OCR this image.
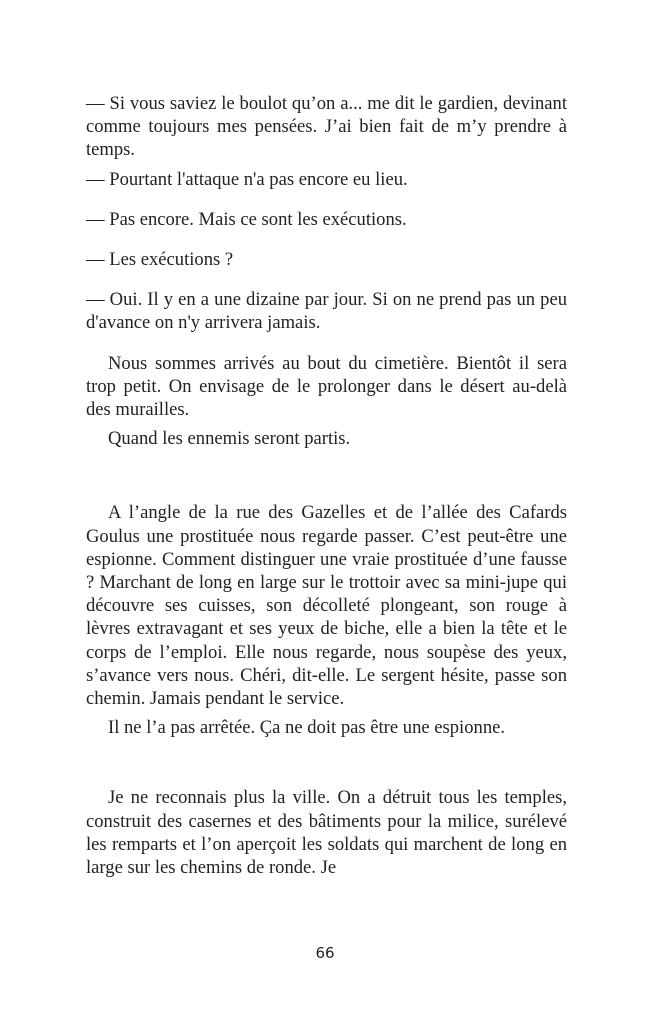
— Si vous saviez le boulot qu’on a... me dit le gardien, devinant comme toujours mes pensées. J’ai bien fait de m’y prendre à temps.

— Pourtant l'attaque n'a pas encore eu lieu.

— Pas encore. Mais ce sont les exécutions.

— Les exécutions ?

— Oui. Il y en a une dizaine par jour. Si on ne prend pas un peu d'avance on n'y arrivera jamais.

Nous sommes arrivés au bout du cimetière. Bientôt il sera trop petit. On envisage de le prolonger dans le désert au-delà des murailles.

Quand les ennemis seront partis.

A l’angle de la rue des Gazelles et de l’allée des Cafards Goulus une prostituée nous regarde passer. C’est peut-être une espionne. Comment distinguer une vraie prostituée d’une fausse ? Marchant de long en large sur le trottoir avec sa mini-jupe qui découvre ses cuisses, son décolleté plongeant, son rouge à lèvres extravagant et ses yeux de biche, elle a bien la tête et le corps de l’emploi. Elle nous regarde, nous soupèse des yeux, s’avance vers nous. Chéri, dit-elle. Le sergent hésite, passe son chemin. Jamais pendant le service.

Il ne l’a pas arrêtée. Ça ne doit pas être une espionne.

Je ne reconnais plus la ville. On a détruit tous les temples, construit des casernes et des bâtiments pour la milice, surélevé les remparts et l’on aperçoit les soldats qui marchent de long en large sur les chemins de ronde. Je

66
